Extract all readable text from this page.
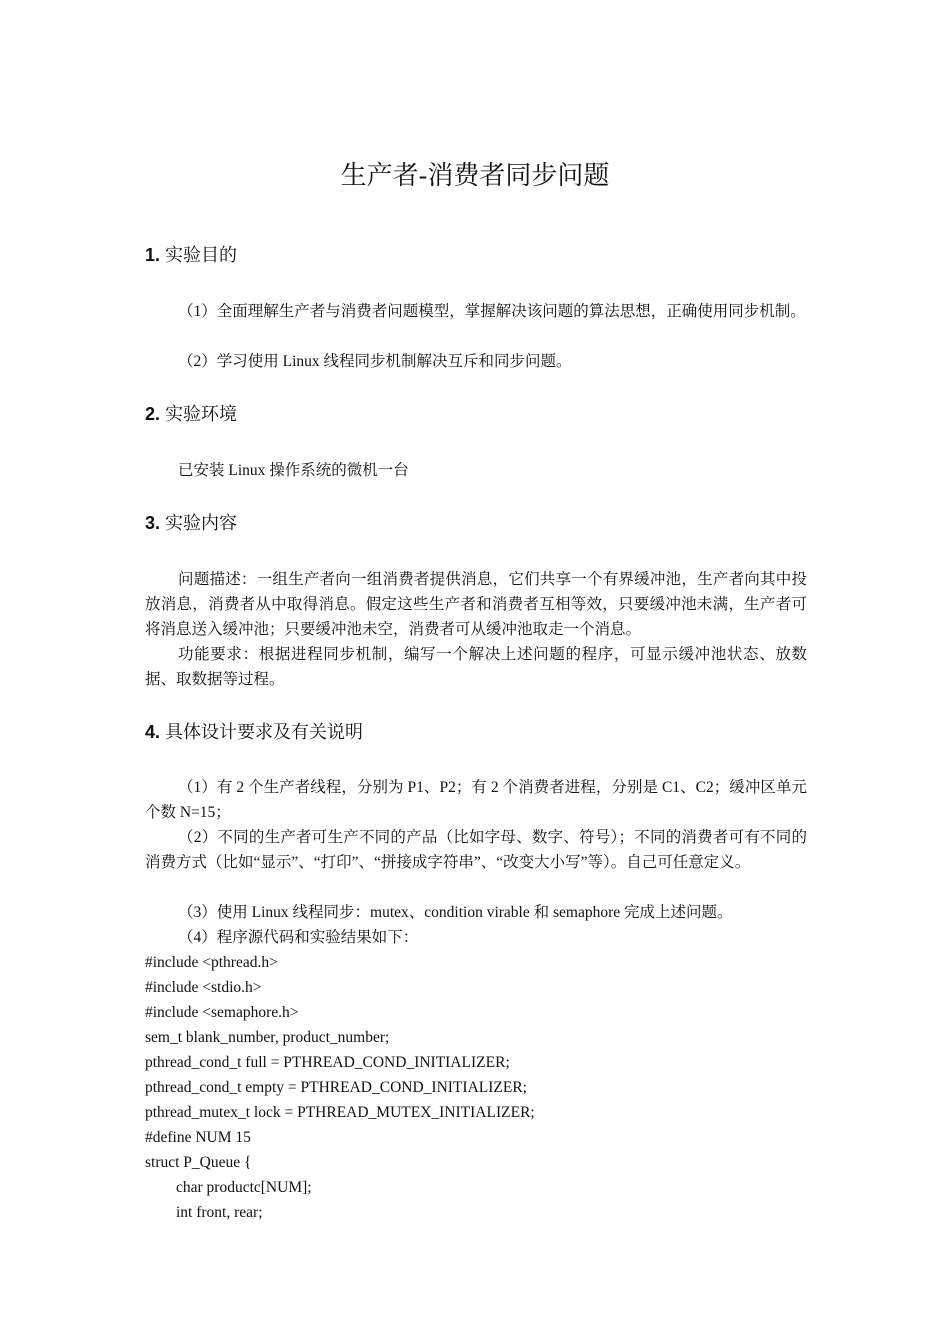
生产者-消费者同步问题
1. 实验目的
（1）全面理解生产者与消费者问题模型，掌握解决该问题的算法思想，正确使用同步机制。
（2）学习使用 Linux 线程同步机制解决互斥和同步问题。
2. 实验环境
已安装 Linux 操作系统的微机一台
3. 实验内容
问题描述：一组生产者向一组消费者提供消息，它们共享一个有界缓冲池，生产者向其中投放消息，消费者从中取得消息。假定这些生产者和消费者互相等效，只要缓冲池未满，生产者可将消息送入缓冲池；只要缓冲池未空，消费者可从缓冲池取走一个消息。
功能要求：根据进程同步机制，编写一个解决上述问题的程序，可显示缓冲池状态、放数据、取数据等过程。
4. 具体设计要求及有关说明
（1）有 2 个生产者线程，分别为 P1、P2；有 2 个消费者进程，分别是 C1、C2；缓冲区单元个数 N=15；
（2）不同的生产者可生产不同的产品（比如字母、数字、符号）；不同的消费者可有不同的消费方式（比如“显示”、“打印”、“拼接成字符串”、“改变大小写”等）。自己可任意定义。
（3）使用 Linux 线程同步：mutex、condition virable 和 semaphore 完成上述问题。
（4）程序源代码和实验结果如下：
#include <pthread.h>
#include <stdio.h>
#include <semaphore.h>
sem_t blank_number, product_number;
pthread_cond_t full = PTHREAD_COND_INITIALIZER;
pthread_cond_t empty = PTHREAD_COND_INITIALIZER;
pthread_mutex_t lock = PTHREAD_MUTEX_INITIALIZER;
#define NUM 15
struct P_Queue {
char productc[NUM];
int front, rear;
